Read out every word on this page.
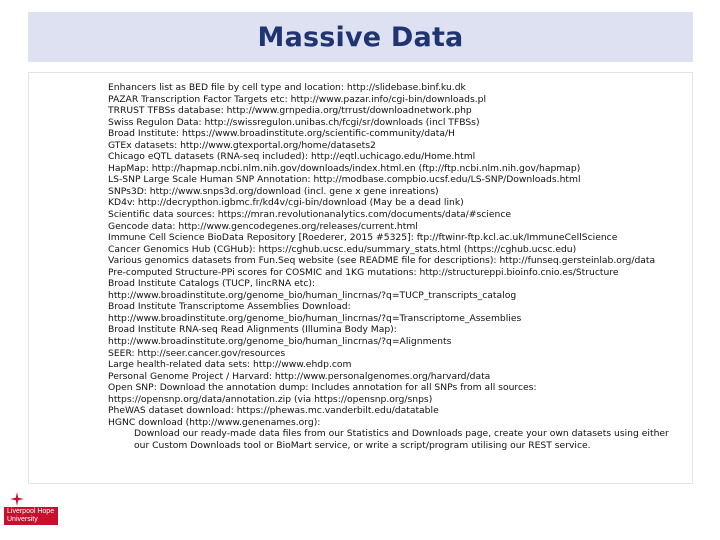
Massive Data
Enhancers list as BED file by cell type and location: http://slidebase.binf.ku.dk
PAZAR Transcription Factor Targets etc: http://www.pazar.info/cgi-bin/downloads.pl
TRRUST TFBSs database: http://www.grnpedia.org/trrust/downloadnetwork.php
Swiss Regulon Data: http://swissregulon.unibas.ch/fcgi/sr/downloads (incl TFBSs)
Broad Institute: https://www.broadinstitute.org/scientific-community/data/H
GTEx datasets: http://www.gtexportal.org/home/datasets2
Chicago eQTL datasets (RNA-seq included): http://eqtl.uchicago.edu/Home.html
HapMap: http://hapmap.ncbi.nlm.nih.gov/downloads/index.html.en (ftp://ftp.ncbi.nlm.nih.gov/hapmap)
LS-SNP Large Scale Human SNP Annotation: http://modbase.compbio.ucsf.edu/LS-SNP/Downloads.html
SNPs3D: http://www.snps3d.org/download (incl. gene x gene inreations)
KD4v: http://decrypthon.igbmc.fr/kd4v/cgi-bin/download (May be a dead link)
Scientific data sources: https://mran.revolutionanalytics.com/documents/data/#science
Gencode data: http://www.gencodegenes.org/releases/current.html
Immune Cell Science BioData Repository [Roederer, 2015 #5325]: ftp://ftwinr-ftp.kcl.ac.uk/ImmuneCellScience
Cancer Genomics Hub (CGHub): https://cghub.ucsc.edu/summary_stats.html (https://cghub.ucsc.edu)
Various genomics datasets from Fun.Seq website (see README file for descriptions): http://funseq.gersteinlab.org/data
Pre-computed Structure-PPi scores for COSMIC and 1KG mutations: http://structureppi.bioinfo.cnio.es/Structure
Broad Institute Catalogs (TUCP, lincRNA etc):
http://www.broadinstitute.org/genome_bio/human_lincrnas/?q=TUCP_transcripts_catalog
Broad Institute Transcriptome Assemblies Download:
http://www.broadinstitute.org/genome_bio/human_lincrnas/?q=Transcriptome_Assemblies
Broad Institute RNA-seq Read Alignments (Illumina Body Map):
http://www.broadinstitute.org/genome_bio/human_lincrnas/?q=Alignments
SEER: http://seer.cancer.gov/resources
Large health-related data sets: http://www.ehdp.com
Personal Genome Project / Harvard: http://www.personalgenomes.org/harvard/data
Open SNP: Download the annotation dump: Includes annotation for all SNPs from all sources:
https://opensnp.org/data/annotation.zip (via https://opensnp.org/snps)
PheWAS dataset download: https://phewas.mc.vanderbilt.edu/datatable
HGNC download (http://www.genenames.org):
Download our ready-made data files from our Statistics and Downloads page, create your own datasets using either
our Custom Downloads tool or BioMart service, or write a script/program utilising our REST service.
Liverpool Hope
University
